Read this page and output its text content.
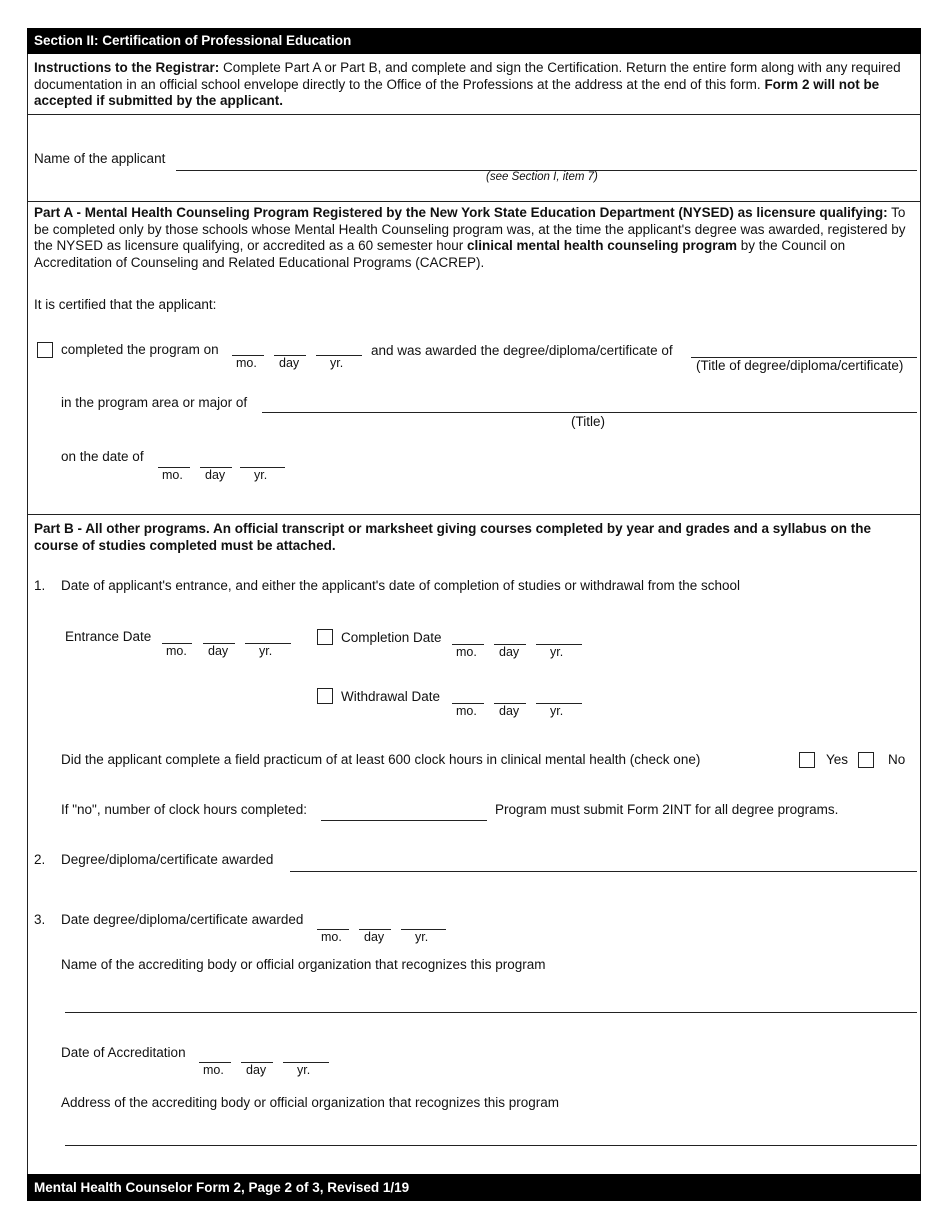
Section II: Certification of Professional Education
Instructions to the Registrar: Complete Part A or Part B, and complete and sign the Certification. Return the entire form along with any required documentation in an official school envelope directly to the Office of the Professions at the address at the end of this form. Form 2 will not be accepted if submitted by the applicant.
Name of the applicant
(see Section I, item 7)
Part A - Mental Health Counseling Program Registered by the New York State Education Department (NYSED) as licensure qualifying: To be completed only by those schools whose Mental Health Counseling program was, at the time the applicant's degree was awarded, registered by the NYSED as licensure qualifying, or accredited as a 60 semester hour clinical mental health counseling program by the Council on Accreditation of Counseling and Related Educational Programs (CACREP).
It is certified that the applicant:
completed the program on
mo. day yr.
and was awarded the degree/diploma/certificate of
(Title of degree/diploma/certificate)
in the program area or major of
(Title)
on the date of
mo. day yr.
Part B - All other programs. An official transcript or marksheet giving courses completed by year and grades and a syllabus on the course of studies completed must be attached.
1. Date of applicant's entrance, and either the applicant's date of completion of studies or withdrawal from the school
Entrance Date
mo. day yr.
Completion Date
mo. day yr.
Withdrawal Date
mo. day yr.
Did the applicant complete a field practicum of at least 600 clock hours in clinical mental health (check one)	Yes	No
If "no", number of clock hours completed:	Program must submit Form 2INT for all degree programs.
2. Degree/diploma/certificate awarded
3. Date degree/diploma/certificate awarded
mo. day yr.
Name of the accrediting body or official organization that recognizes this program
Date of Accreditation
mo. day yr.
Address of the accrediting body or official organization that recognizes this program
Mental Health Counselor Form 2, Page 2 of 3, Revised 1/19
